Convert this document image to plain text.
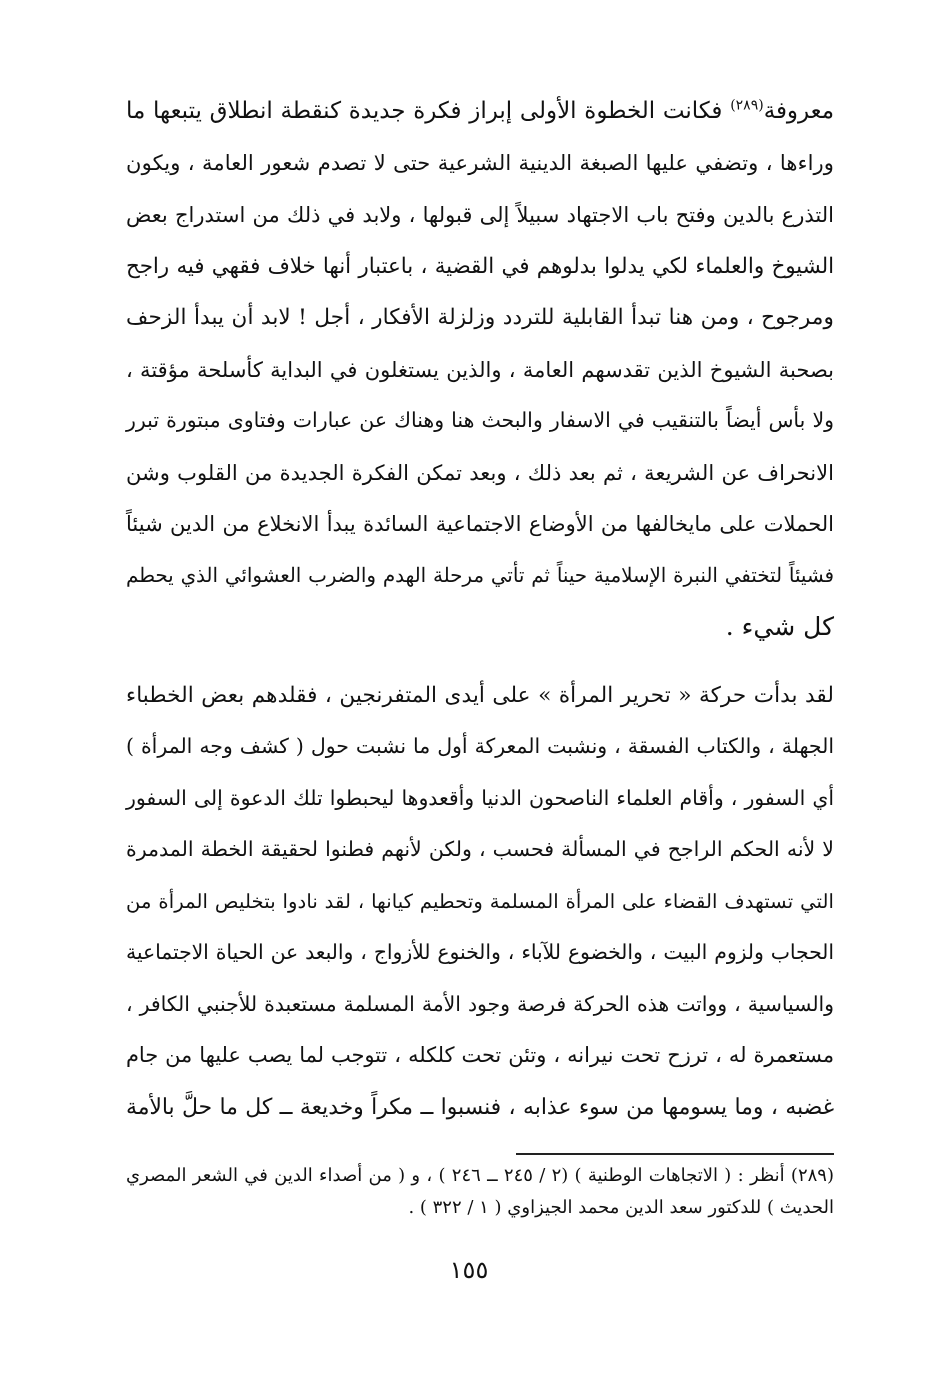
معروفة$^{(٢٨٩)}$ فكانت الخطوة الأولى إبراز فكرة جديدة كنقطة انطلاق يتبعها ما
وراءها ، وتضفي عليها الصبغة الدينية الشرعية حتى لا تصدم شعور العامة ، ويكون
التذرع بالدين وفتح باب الاجتهاد سبيلاً إلى قبولها ، ولابد في ذلك من استدراج بعض
الشيوخ والعلماء لكي يدلوا بدلوهم في القضية ، باعتبار أنها خلاف فقهي فيه راجح
ومرجوح ، ومن هنا تبدأ القابلية للتردد وزلزلة الأفكار ، أجل ! لابد أن يبدأ الزحف
بصحبة الشيوخ الذين تقدسهم العامة ، والذين يستغلون في البداية كأسلحة مؤقتة ،
ولا بأس أيضاً بالتنقيب في الاسفار والبحث هنا وهناك عن عبارات وفتاوى مبتورة تبرر
الانحراف عن الشريعة ، ثم بعد ذلك ، وبعد تمكن الفكرة الجديدة من القلوب وشن
الحملات على مايخالفها من الأوضاع الاجتماعية السائدة يبدأ الانخلاع من الدين شيئاً
فشيئاً لتختفي النبرة الإسلامية حيناً ثم تأتي مرحلة الهدم والضرب العشوائي الذي يحطم
كل شيء .
لقد بدأت حركة « تحرير المرأة » على أيدى المتفرنجين ، فقلدهم بعض الخطباء
الجهلة ، والكتاب الفسقة ، ونشبت المعركة أول ما نشبت حول ( كشف وجه المرأة )
أي السفور ، وأقام العلماء الناصحون الدنيا وأقعدوها ليحبطوا تلك الدعوة إلى السفور
لا لأنه الحكم الراجح في المسألة فحسب ، ولكن لأنهم فطنوا لحقيقة الخطة المدمرة
التي تستهدف القضاء على المرأة المسلمة وتحطيم كيانها ، لقد نادوا بتخليص المرأة من
الحجاب ولزوم البيت ، والخضوع للآباء ، والخنوع للأزواج ، والبعد عن الحياة الاجتماعية
والسياسية ، وواتت هذه الحركة فرصة وجود الأمة المسلمة مستعبدة للأجنبي الكافر ،
مستعمرة له ، ترزح تحت نيرانه ، وتئن تحت كلكله ، تتوجب لما يصب عليها من جام
غضبه ، وما يسومها من سوء عذابه ، فنسبوا ــ مكراً وخديعة ــ كل ما حلَّ بالأمة
(٢٨٩) أنظر : ( الاتجاهات الوطنية ) (٢ / ٢٤٥ ــ ٢٤٦ ) ، و ( من أصداء الدين في الشعر المصري
الحديث ) للدكتور سعد الدين محمد الجيزاوي ( ١ / ٣٢٢ ) .
١٥٥
